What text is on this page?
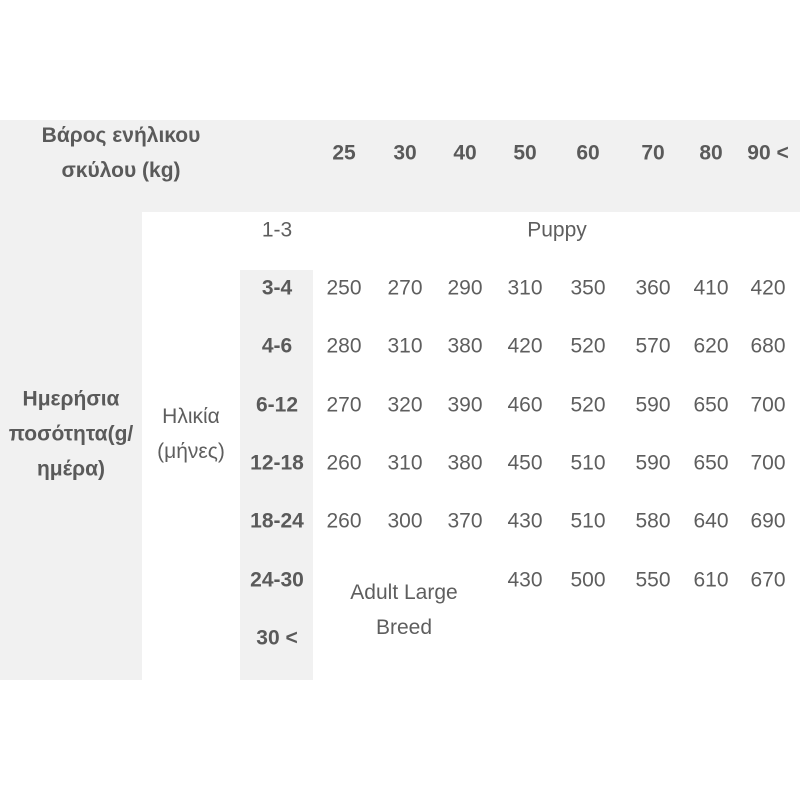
Βάρος ενήλικου
σκύλου (kg)
25 30 40 50 60 70 80 90 <
Ημερήσια
ποσότητα(g/
ημέρα)
Ηλικία
(μήνες)
1-3	Puppy
3-4
4-6
6-12
12-18
18-24
24-30
30 <
Adult Large
Breed
250 270 290 310 350 360 410 420
280 310 380 420 520 570 620 680
270 320 390 460 520 590 650 700
260 310 380 450 510 590 650 700
260 300 370 430 510 580 640 690
430 500 550 610 670
